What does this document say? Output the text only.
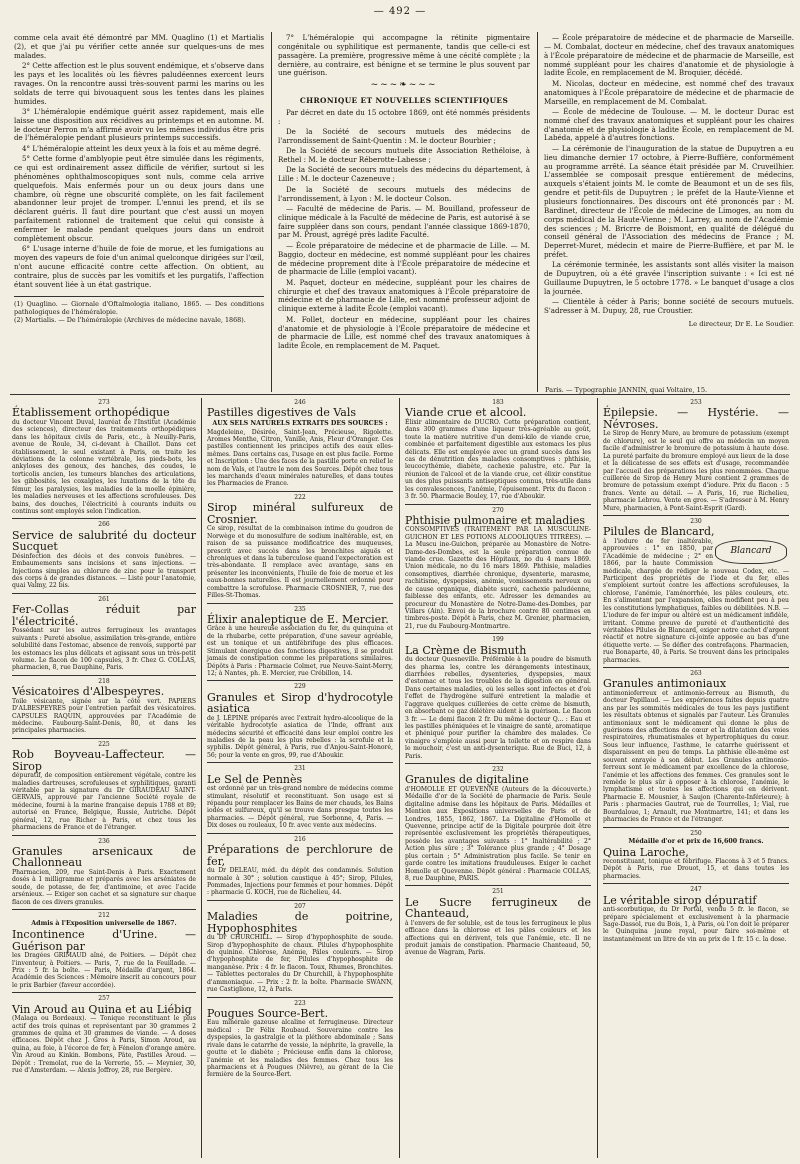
— 492 —

comme cela avait été démontré par MM. Quaglino (1) et Martialis (2), et que j'ai pu vérifier cette année sur quelques-uns de mes malades.

2° Cette affection est le plus souvent endémique, et s'observe dans les pays et les localités où les fièvres paludéennes exercent leurs ravages. On la rencontre aussi très-souvent parmi les marins ou les soldats de terre qui bivouaquent sous les tentes dans les plaines humides.

3° L'héméralopie endémique guérit assez rapidement, mais elle laisse une disposition aux récidives au printemps et en automne. M. le docteur Perron m'a affirmé avoir vu les mêmes individus être pris de l'héméralopie pendant plusieurs printemps successifs.

4° L'héméralopie atteint les deux yeux à la fois et au même degré.

5° Cette forme d'amblyopie peut être simulée dans les régiments, ce qui est ordinairement assez difficile de vérifier, surtout si les phénomènes ophthalmoscopiques sont nuls, comme cela arrive quelquefois. Mais enfermés pour un ou deux jours dans une chambre, où règne une obscurité complète, on les fait facilement abandonner leur projet de tromper. L'ennui les prend, et ils se déclarent guéris. Il faut dire pourtant que c'est aussi un moyen parfaitement rationnel de traitement que celui qui consiste à enfermer le malade pendant quelques jours dans un endroit complètement obscur.

6° L'usage interne d'huile de foie de morue, et les fumigations au moyen des vapeurs de foie d'un animal quelconque dirigées sur l'œil, n'ont aucune efficacité contre cette affection. On obtient, au contraire, plus de succès par les vomitifs et les purgatifs, l'affection étant souvent liée à un état gastrique.

(1) Quaglino. — Giornale d'Oftalmologia italiano, 1865. — Des conditions pathologiques de l'héméralopie.
(2) Martialis. — De l'héméralopie (Archives de médecine navale, 1868).

7° L'héméralopie qui accompagne la rétinite pigmentaire congénitale ou syphilitique est permanente, tandis que celle-ci est passagère. La première, progressive même à une cécité complète ; la dernière, au contraire, est bénigne et se termine le plus souvent par une guérison.

~~~❧~~~
CHRONIQUE ET NOUVELLES SCIENTIFIQUES

Par décret en date du 15 octobre 1869, ont été nommés présidents :

De la Société de secours mutuels des médecins de l'arrondissement de Saint-Quentin : M. le docteur Bourbier ;

De la Société de secours mutuels dite Association Rethéloise, à Rethel : M. le docteur Réberotte-Labesse ;

De la Société de secours mutuels des médecins du département, à Lille : M. le docteur Cazeneuve ;

De la Société de secours mutuels des médecins de l'arrondissement, à Lyon : M. le docteur Colson.

— Faculté de médecine de Paris. — M. Bouilland, professeur de clinique médicale à la Faculté de médecine de Paris, est autorisé à se faire suppléer dans son cours, pendant l'année classique 1869-1870, par M. Proust, agrégé près ladite Faculté.

— École préparatoire de médecine et de pharmacie de Lille. — M. Baggio, docteur en médecine, est nommé suppléant pour les chaires de médecine proprement dite à l'École préparatoire de médecine et de pharmacie de Lille (emploi vacant).

M. Paquet, docteur en médecine, suppléant pour les chaires de chirurgie et chef des travaux anatomiques à l'École préparatoire de médecine et de pharmacie de Lille, est nommé professeur adjoint de clinique externe à ladite École (emploi vacant).

M. Follet, docteur en médecine, suppléant pour les chaires d'anatomie et de physiologie à l'École préparatoire de médecine et de pharmacie de Lille, est nommé chef des travaux anatomiques à ladite École, en remplacement de M. Paquet.

— École préparatoire de médecine et de pharmacie de Marseille. — M. Combalat, docteur en médecine, chef des travaux anatomiques à l'École préparatoire de médecine et de pharmacie de Marseille, est nommé suppléant pour les chaires d'anatomie et de physiologie à ladite École, en remplacement de M. Broquier, décédé.

M. Nicolas, docteur en médecine, est nommé chef des travaux anatomiques à l'École préparatoire de médecine et de pharmacie de Marseille, en remplacement de M. Combalat.

— École de médecine de Toulouse. — M. le docteur Durac est nommé chef des travaux anatomiques et suppléant pour les chaires d'anatomie et de physiologie à ladite École, en remplacement de M. Labéda, appelé à d'autres fonctions.

— La cérémonie de l'inauguration de la statue de Dupuytren a eu lieu dimanche dernier 17 octobre, à Pierre-Buffière, conformément au programme arrêté. La séance était présidée par M. Cruveilhier. L'assemblée se composait presque entièrement de médecins, auxquels s'étaient joints M. le comte de Beaumont et un de ses fils, gendre et petit-fils de Dupuytren ; le préfet de la Haute-Vienne et plusieurs fonctionnaires. Des discours ont été prononcés par : M. Bardinet, directeur de l'École de médecine de Limoges, au nom du corps médical de la Haute-Vienne ; M. Larrey, au nom de l'Académie des sciences ; M. Bricrre de Boismont, en qualité de délégué du conseil général de l'Association des médecins de France ; M. Deperret-Muret, médecin et maire de Pierre-Buffière, et par M. le préfet.

La cérémonie terminée, les assistants sont allés visiter la maison de Dupuytren, où a été gravée l'inscription suivante : « Ici est né Guillaume Dupuytren, le 5 octobre 1778. » Le banquet d'usage a clos la journée.

— Clientèle à céder à Paris; bonne société de secours mutuels. S'adresser à M. Dupuy, 28, rue Croustier.

Le directeur, Dr E. Le Soudier.
Paris. — Typographie JANNIN, quai Voltaire, 15.
273
Établissement orthopédique
du docteur Vincent Duval, lauréat de l'Institut (Académie des sciences), directeur des traitements orthopédiques dans les hôpitaux civils de Paris, etc., à Neuilly-Paris, avenue de Roule, 34, ci-devant à Chaillot. Dans cet établissement, le seul existant à Paris, on traite les déviations de la colonne vertébrale, les pieds-bots, les ankyloses des genoux, des hanches, des coudes, le torticolis ancien, les tumeurs blanches des articulations, les gibbosités, les coxalgies, les luxations de la tête du fémur, les paralysies, les maladies de la moelle épinière, les maladies nerveuses et les affections scrofuleuses. Des bains, des douches, l'électricité à courants induits ou continus sont employés selon l'indication.
266
Service de salubrité du docteur Sucquet
Désinfection des décès et des convois funèbres. — Embaumements sans incisions et sans injections. — Injections simples au chlorure de zinc pour le transport des corps à de grandes distances. — Liste pour l'anatomie, quai Valmy, 22 bis.
261
Fer-Collas réduit par l'électricité.
Possédant sur les autres ferrugineux les avantages suivants : Pureté absolue, assimilation très-grande, entière solubilité dans l'estomac, absence de renvois, supporté par les estomacs les plus délicats et agissant sous un très-petit volume. Le flacon de 100 capsules, 3 fr. Chez G. COLLAS, pharmacien, 8, rue Dauphine, Paris.
218
Vésicatoires d'Albespeyres.
Toile vésicante, signée sur la côté vert. PAPIERS D'ALBESPEYRES pour l'entretien parfait des vésicatoires. CAPSULES RAQUIN, approuvées par l'Académie de médecine. Faubourg-Saint-Denis, 80, et dans les principales pharmacies.
225
Rob Boyveau-Laffecteur. — Sirop
dépuratif, de composition entièrement végétale, contre les maladies dartreuses, scrofuleuses et syphilitiques, garanti véritable par la signature du Dr GIRAUDEAU SAINT-GERVAIS, approuvé par l'ancienne Société royale de médecine, fourni à la marine française depuis 1788 et 89; autorisé en France, Belgique, Russie, Autriche. Dépôt général, 12, rue Richer à Paris, et chez tous les pharmaciens de France et de l'étranger.
236
Granules arsenicaux de Challonneau
Pharmacien, 209, rue Saint-Denis à Paris. Exactement dosés à 1 milligramme et préparés avec les arséniates de soude, de potasse, de fer, d'antimoine, et avec l'acide arsénieux. — Exiger son cachet et sa signature sur chaque flacon de ces divers granules.
212
Admis à l'Exposition universelle de 1867.
Incontinence d'Urine. — Guérison par
les Dragées GRIMAUD aîné, de Poitiers. — Dépôt chez l'inventeur, à Poitiers. — Paris, 7, rue de la Feuillade. — Prix : 5 fr. la boîte. — Paris, Médaille d'argent, 1864. Académie des Sciences : Mémoire inscrit au concours pour le prix Barbier (faveur accordée).
257
Vin Aroud au Quina et au Liébig
(Malaga ou Bordeaux). — Tonique reconstituant le plus actif des trois quinas et représentant par 30 grammes 2 grammes de quina et 30 grammes de viande. — A doses efficaces. Dépôt chez J. Gros à Paris, Simon Aroud, au quina, au foie, à l'écorce de fer, à Fénelon d'orange amère. Vin Aroud au Kinkin. Bombons, Pâte, Pastilles Aroud. — Dépôt : Tremolat, rue de la Verrerie, 55. — Meynier, 30, rue d'Amsterdam. — Alexis Joffroy, 28, rue Bergère.
246
Pastilles digestives de Vals
AUX SELS NATURELS EXTRAITS DES SOURCES :
Magdeleine, Désirée, Saint-Jean, Précieuse, Rigolette. Aromes Menthe, Citron, Vanille, Anis, Fleur d'Oranger. Ces pastilles contiennent les principes actifs des eaux elles-mêmes. Dans certains cas, l'usage en est plus facile. Forme et Inscription : Une des faces de la pastille porte en relief le nom de Vals, et l'autre le nom des Sources. Dépôt chez tous les marchands d'eaux minérales naturelles, et dans toutes les Pharmacies de France.
222
Sirop minéral sulfureux de Crosnier.
Ce sirop, résultat de la combinaison intime du goudron de Norwège et du monosulfure de sodium inaltérable, est, en raison de sa puissance modificatrice des muqueuses, prescrit avec succès dans les bronchites aiguës et chroniques et dans la tuberculose quand l'expectoration est très-abondante. Il remplace avec avantage, sans en présenter les inconvénients, l'huile de foie de morue et les eaux-bonnes naturelles. Il est journellement ordonné pour combattre la scrofulose. Pharmacie CROSNIER, 7, rue des Filles-St-Thomas.
235
Élixir analeptique de E. Mercier.
Grâce à une heureuse association du fer, du quinquina et de la rhubarbe, cette préparation, d'une saveur agréable, est un tonique et un antifébrifuge des plus efficaces. Stimulant énergique des fonctions digestives, il se produit jamais de constipation comme les préparations similaires. Dépôts à Paris : Pharmacie Colmet, rue Neuve-Saint-Merry, 12; à Nantes, ph. E. Mercier, rue Crébillon, 14.
229
Granules et Sirop d'hydrocotyle asiatica
de J. LÉPINE préparés avec l'extrait hydro-alcoolique de la véritable hydrocotyle asiatica de l'Inde, offrant aux médecins sécurité et efficacité dans leur emploi contre les maladies de la peau les plus rebelles : la scrofule et la syphilis. Dépôt général, à Paris, rue d'Anjou-Saint-Honoré, 56; pour la vente en gros, 99, rue d'Aboukir.
231
Le Sel de Pennès
est ordonné par un très-grand nombre de médecins comme stimulant, résolutif et reconstituant. Son usage est si répandu pour remplacer les Bains de mer chauds, les Bains iodés et sulfureux, qu'il se trouve dans presque toutes les pharmacies. — Dépôt général, rue Sorbonne, 4, Paris. — Dix doses ou rouleaux, 10 fr. avec vente aux médecins.
216
Préparations de perchlorure de fer,
du Dr DELEAU, méd. du dépôt des condamnés. Solution normale à 30° ; solution caustique à 45°; Sirop, Pilules, Pommades, Injections pour femmes et pour hommes. Dépôt : pharmacie G. KOCH, rue de Richelieu, 44.
207
Maladies de poitrine, Hypophosphites
du Dr CHURCHILL. — Sirop d'hypophosphite de soude. Sirop d'hypophosphite de chaux. Pilules d'hypophosphite de quinine. Chlorose, Anémie, Pâles couleurs. — Sirop d'hypophosphite de fer, Pilules d'hypophosphite de manganèse. Prix : 4 fr. le flacon. Toux, Rhumes, Bronchites. — Tablettes pectorales du Dr Churchill, à l'hypophosphite d'ammoniaque. — Prix : 2 fr. la boîte. Pharmacie SWANN, rue Castiglione, 12, à Paris.
223
Pougues Source-Bert.
Eau minérale gazeuse alcaline et ferrugineuse. Directeur médical : Dr Félix Roubaud. Souveraine contre les dyspepsies, la gastralgie et la pléthore abdominale ; Sans rivale dans le catarrhe de vessie, la néphrite, la gravelle, la goutte et le diabète ; Précieuse enfin dans la chlorose, l'anémie et les maladies des femmes. Chez tous les pharmaciens et à Pougues (Nièvre), au gérant de la Cie fermière de la Source-Bert.
183
Viande crue et alcool.
Élixir alimentaire de DUCRO. Cette préparation contient, dans 300 grammes d'une liqueur très-agréable au goût, toute la matière nutritive d'un demi-kilo de viande crue, combinée et parfaitement digestible aux estomacs les plus délicats. Elle est employée avec un grand succès dans les cas de dénutrition des maladies consomptives : phthisie, leucocythémie, diabète, cachexie palustre, etc. Par la réunion de l'alcool et de la viande crue, cet élixir constitue un des plus puissants antiseptiques connus, très-utile dans les convalescences, l'anémie, l'épuisement. Prix du flacon : 3 fr. 50. Pharmacie Bouley, 17, rue d'Aboukir.
270
Phthisie pulmonaire et maladies
CONSOMPTIVES (TRAITEMENT PAR LA MUSCULINE-GUICHON ET LES POTIONS ALCOOLIQUES TITRÉES). — La Muscu ine-Guichon, préparée au Monastère de Notre-Dame-des-Dombes, est la seule préparation connue de viande crue. Gazette des Hôpitaux, no du 4 mars 1869. Union médicale, no du 16 mars 1869. Phthisie, maladies consomptives, diarrhée chronique, dysenterie, marasme, rachitisme, dyspepsies, anémie, vomissements nerveux ou de cause organique, diabète sucré, cachexie paludéenne, faiblesse des enfants, etc. Adresser les demandes au procureur du Monastère de Notre-Dame-des-Dombes, par Villars (Ain). Envoi de la brochure contre 80 centimes en timbres-poste. Dépôt à Paris, chez M. Grenier, pharmacien, 21, rue du Faubourg-Montmartre.
199
La Crème de Bismuth
du docteur Quesneville. Préférable à la poudre de bismuth des pharma les, contre les dérangements intestinaux, diarrhées rebelles, dysenteries, dyspepsies, maux d'estomac et tous les troubles de la digestion en général. Dans certaines maladies, où les selles sont infectes et d'où l'effet de l'hydrogène sulfuré entretient la maladie et l'aggrave quelques cuillerées de cette crème de bismuth, en absorbant ce gaz délétère aident à la guérison. Le flacon 3 fr. — Le demi flacon 2 fr. Du même docteur Q... : Eau et les pastilles phéniquées et le vinaigre de santé, aromatique et phéniqué pour purifier la chambre des malades. Ce vinaigre s'emploie aussi pour la toilette et on respire dans le mouchoir, c'est un anti-dysenterique. Rue de Buci, 12, à Paris.
232
Granules de digitaline
d'HOMOLLE ET QUEVENNE (Auteurs de la découverte.) Médaille d'or de la Société de pharmacie de Paris. Seule digitaline admise dans les hôpitaux de Paris. Médailles et Mention aux Expositions universelles de Paris et de Londres, 1855, 1862, 1867. La Digitaline d'Homolle et Quevenne, principe actif de la Digitale pourprée doit être représentée exclusivement les propriétés thérapeutiques, possède les avantages suivants : 1° Inaltérabilité ; 2° Action plus sûre ; 3° Tolérance plus grande ; 4° Dosage plus certain ; 5° Administration plus facile. Se tenir en garde contre les imitations frauduleuses. Exiger le cachet Homolle et Quevenne. Dépôt général : Pharmacie COLLAS, 8, rue Dauphine, PARIS.
251
Le Sucre ferrugineux de Chanteaud,
à l'envers de fer soluble, est de tous les ferrugineux le plus efficace dans la chlorose et les pâles couleurs et les affections qui en dérivent, tels que l'anémie, etc. Il ne produit jamais de constipation. Pharmacie Chanteaud, 50, avenue de Wagram, Paris.
253
Épilepsie. — Hystérie. — Névroses.
Le Sirop de Henry Mure, au bromure de potassium (exempt de chlorure), est le seul qui offre au médecin un moyen facile d'administrer le bromure de potassium à haute dose. La pureté parfaite du bromure employé aux lieux de la dose et la délicatesse de ses effets est d'usage, recommandée par l'accueil des préparations les plus renommées. Chaque cuillerée de Sirop de Henry Mure contient 2 grammes de bromure de potassium exempt d'iodure. Prix du flacon : 5 francs. Vente au détail. — A Paris, 16, rue Richelieu, pharmacie Lebrou. Vente en gros. — S'adresser à M. Henry Mure, pharmacien, à Pont-Saint-Esprit (Gard).
230
Pilules de Blancard,
Blancard
à l'iodure de fer inaltérable, approuvées : 1° en 1850, par l'Académie de médecine ; 2° en 1866, par la haute Commission médicale, chargée de rédiger le nouveau Codex, etc. — Participent des propriétés de l'iode et du fer, elles s'emploient surtout contre les affections scrofuleuses, la chlorose, l'anémie, l'aménorrhée, les pâles couleurs, etc. En s'alimentant par l'expansion, elles modifient peu à peu les constitutions lymphatiques, faibles ou débilitées. N.B. — L'iodure de fer impur ou altéré est un médicament infidèle, irritant. Comme preuve de pureté et d'authenticité des véritables Pilules de Blancard, exiger notre cachet d'argent réactif et notre signature ci-jointe apposée au bas d'une étiquette verte. — Se défier des contrefaçons. Pharmacien, rue Bonaparte, 40, à Paris. Se trouvent dans les principales pharmacies.
263
Granules antimoniaux
antimonioferreux et antimonio-ferreux au Bismuth, du docteur Papillaud. — Les expériences faites depuis quatre ans par les sommités médicales de tous les pays justifient les résultats obtenus et signalés par l'auteur. Les Granules antimoniaux sont le médicament qui donne le plus de guérisons des affections de cœur et la dilatation des voies respiratoires, rhumatismales et hypertrophiques du cœur. Sous leur influence, l'asthme, le catarrhe guérissent et disparaissent en peu de temps. La phthisie elle-même est souvent enrayée à son début. Les Granules antimonio-ferreux sont le médicament par excellence de la chlorose, l'anémie et les affections des femmes. Ces granules sont le remède le plus sûr à opposer à la chlorose, l'anémie, le lymphatisme et toutes les affections qui en dérivent. Pharmacie E. Mousnier, à Saujon (Charente-Inférieure); à Paris : pharmacies Gautrat, rue de Tourrelles, 1; Vial, rue Bourdaloue, 1; Arnault, rue Montmartre, 141; et dans les pharmacies de France et de l'étranger.
250
Médaille d'or et prix de 16,600 francs.
Quina Laroche,
reconstituant, tonique et fébrifuge. Flacons à 3 et 5 francs. Dépôt à Paris, rue Drouot, 15, et dans toutes les pharmacies.
247
Le véritable sirop dépuratif
anti-scorbutique, du Dr Portal, vendu 5 fr. le flacon, se prépare spécialement et exclusivement à la pharmacie Sage-Dassol, rue du Bois, 1, à Paris, où l'on doit le préparer le Quinquina jaune royal, pour faire soi-même et instantanément un litre de vin au prix de 1 fr. 15 c. la dose.
